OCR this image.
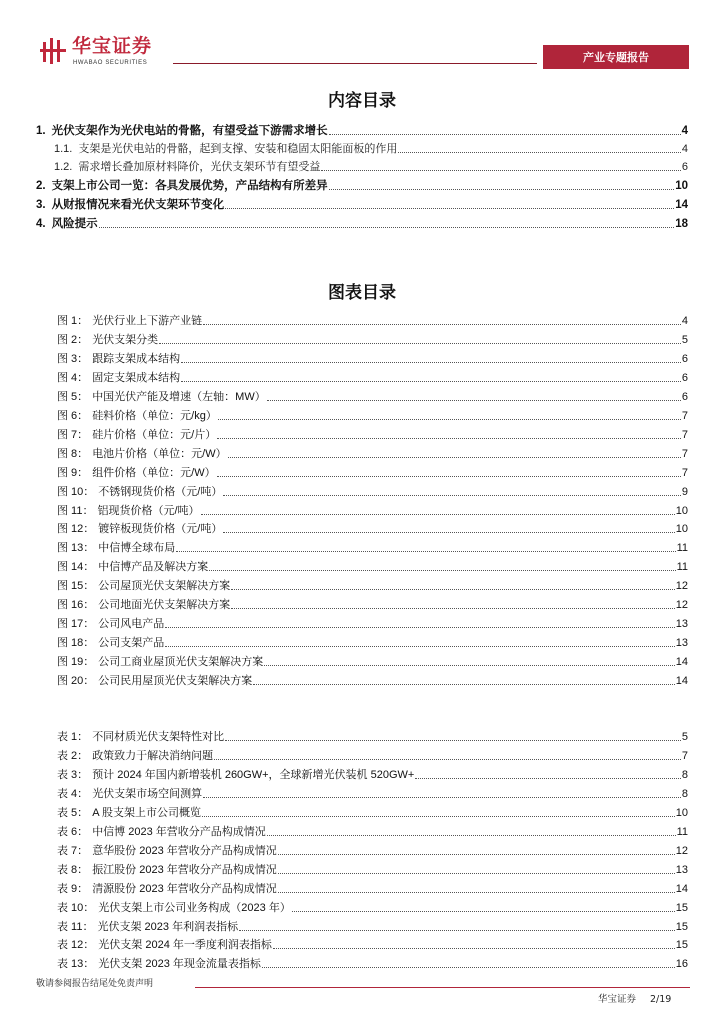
华宝证券
HWABAO SECURITIES	产业专题报告
内容目录
1. 光伏支架作为光伏电站的骨骼，有望受益下游需求增长	4
1.1. 支架是光伏电站的骨骼，起到支撑、安装和稳固太阳能面板的作用	4
1.2. 需求增长叠加原材料降价，光伏支架环节有望受益	6
2. 支架上市公司一览：各具发展优势，产品结构有所差异	10
3. 从财报情况来看光伏支架环节变化	14
4. 风险提示	18
图表目录
图 1： 光伏行业上下游产业链	4
图 2： 光伏支架分类	5
图 3： 跟踪支架成本结构	6
图 4： 固定支架成本结构	6
图 5： 中国光伏产能及增速（左轴：MW）	6
图 6： 硅料价格（单位：元/kg）	7
图 7： 硅片价格（单位：元/片）	7
图 8： 电池片价格（单位：元/W）	7
图 9： 组件价格（单位：元/W）	7
图 10： 不锈钢现货价格（元/吨）	9
图 11： 铝现货价格（元/吨）	10
图 12： 镀锌板现货价格（元/吨）	10
图 13： 中信博全球布局	11
图 14： 中信博产品及解决方案	11
图 15： 公司屋顶光伏支架解决方案	12
图 16： 公司地面光伏支架解决方案	12
图 17： 公司风电产品	13
图 18： 公司支架产品	13
图 19： 公司工商业屋顶光伏支架解决方案	14
图 20： 公司民用屋顶光伏支架解决方案	14
表 1： 不同材质光伏支架特性对比	5
表 2： 政策致力于解决消纳问题	7
表 3： 预计 2024 年国内新增装机 260GW+，全球新增光伏装机 520GW+	8
表 4： 光伏支架市场空间测算	8
表 5： A 股支架上市公司概览	10
表 6： 中信博 2023 年营收分产品构成情况	11
表 7： 意华股份 2023 年营收分产品构成情况	12
表 8： 振江股份 2023 年营收分产品构成情况	13
表 9： 清源股份 2023 年营收分产品构成情况	14
表 10： 光伏支架上市公司业务构成（2023 年）	15
表 11： 光伏支架 2023 年利润表指标	15
表 12： 光伏支架 2024 年一季度利润表指标	15
表 13： 光伏支架 2023 年现金流量表指标	16
敬请参阅报告结尾处免责声明
华宝证券 2/19
